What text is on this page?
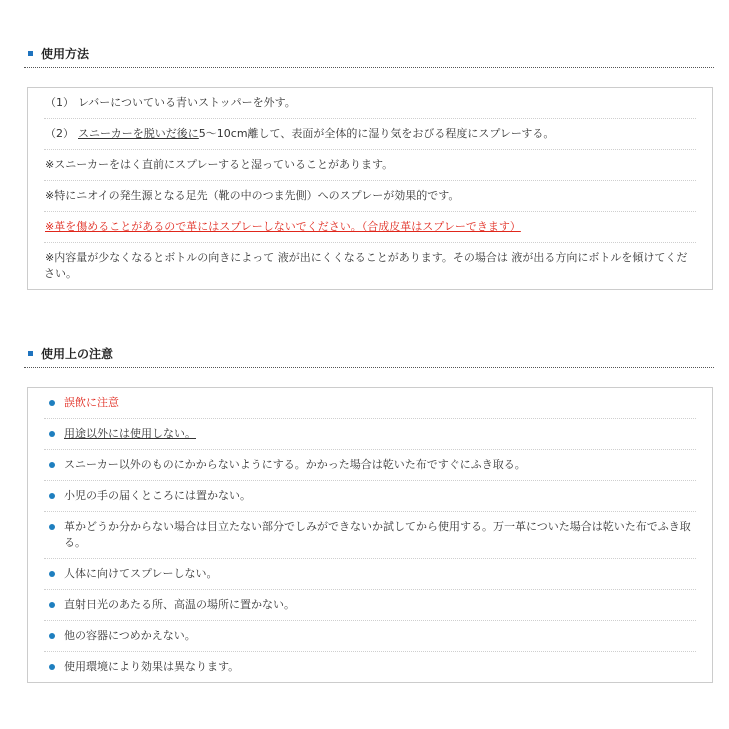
使用方法
（1） レバーについている青いストッパーを外す。
（2） スニーカーを脱いだ後に5～10cm離して、表面が全体的に湿り気をおびる程度にスプレーする。
※スニーカーをはく直前にスプレーすると湿っていることがあります。
※特にニオイの発生源となる足先（靴の中のつま先側）へのスプレーが効果的です。
※革を傷めることがあるので革にはスプレーしないでください。（合成皮革はスプレーできます）
※内容量が少なくなるとボトルの向きによって 液が出にくくなることがあります。その場合は 液が出る方向にボトルを傾けてください。
使用上の注意
誤飲に注意
用途以外には使用しない。
スニーカー以外のものにかからないようにする。かかった場合は乾いた布ですぐにふき取る。
小児の手の届くところには置かない。
革かどうか分からない場合は目立たない部分でしみができないか試してから使用する。万一革についた場合は乾いた布でふき取る。
人体に向けてスプレーしない。
直射日光のあたる所、高温の場所に置かない。
他の容器につめかえない。
使用環境により効果は異なります。
